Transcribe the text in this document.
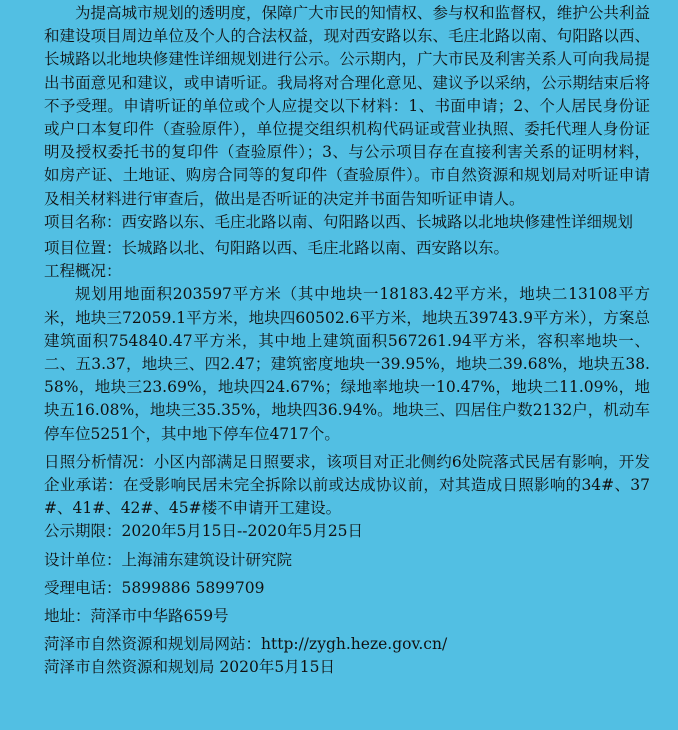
为提高城市规划的透明度，保障广大市民的知情权、参与权和监督权，维护公共利益和建设项目周边单位及个人的合法权益，现对西安路以东、毛庄北路以南、句阳路以西、长城路以北地块修建性详细规划进行公示。公示期内，广大市民及利害关系人可向我局提出书面意见和建议，或申请听证。我局将对合理化意见、建议予以采纳，公示期结束后将不予受理。申请听证的单位或个人应提交以下材料：1、书面申请；2、个人居民身份证或户口本复印件（查验原件），单位提交组织机构代码证或营业执照、委托代理人身份证明及授权委托书的复印件（查验原件）；3、与公示项目存在直接利害关系的证明材料，如房产证、土地证、购房合同等的复印件（查验原件）。市自然资源和规划局对听证申请及相关材料进行审查后，做出是否听证的决定并书面告知听证申请人。

项目名称：西安路以东、毛庄北路以南、句阳路以西、长城路以北地块修建性详细规划

项目位置：长城路以北、句阳路以西、毛庄北路以南、西安路以东。

工程概况：

规划用地面积203597平方米（其中地块一18183.42平方米，地块二13108平方米，地块三72059.1平方米，地块四60502.6平方米，地块五39743.9平方米），方案总建筑面积754840.47平方米，其中地上建筑面积567261.94平方米，容积率地块一、二、五3.37，地块三、四2.47；建筑密度地块一39.95%，地块二39.68%，地块五38.58%，地块三23.69%，地块四24.67%；绿地率地块一10.47%，地块二11.09%，地块五16.08%，地块三35.35%，地块四36.94%。地块三、四居住户数2132户，机动车停车位5251个，其中地下停车位4717个。

日照分析情况：小区内部满足日照要求，该项目对正北侧约6处院落式民居有影响，开发企业承诺：在受影响民居未完全拆除以前或达成协议前，对其造成日照影响的34#、37#、41#、42#、45#楼不申请开工建设。

公示期限：2020年5月15日--2020年5月25日

设计单位：上海浦东建筑设计研究院

受理电话：5899886 5899709

地址：菏泽市中华路659号

菏泽市自然资源和规划局网站：http://zygh.heze.gov.cn/

菏泽市自然资源和规划局 2020年5月15日
